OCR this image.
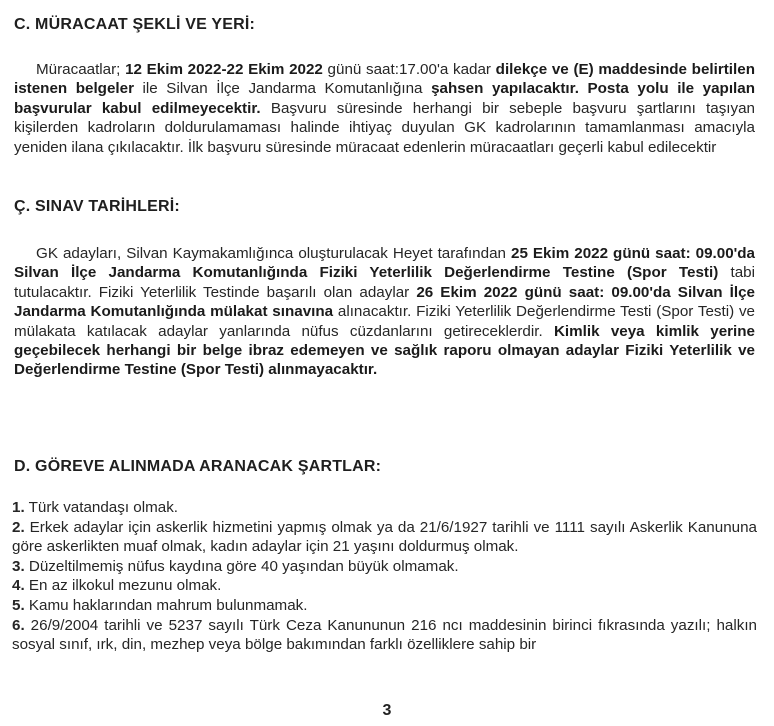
C. MÜRACAAT ŞEKLİ VE YERİ:

Müracaatlar; 12 Ekim 2022-22 Ekim 2022 günü saat:17.00'a kadar dilekçe ve (E) maddesinde belirtilen istenen belgeler ile Silvan İlçe Jandarma Komutanlığına şahsen yapılacaktır. Posta yolu ile yapılan başvurular kabul edilmeyecektir. Başvuru süresinde herhangi bir sebeple başvuru şartlarını taşıyan kişilerden kadroların doldurulamaması halinde ihtiyaç duyulan GK kadrolarının tamamlanması amacıyla yeniden ilana çıkılacaktır. İlk başvuru süresinde müracaat edenlerin müracaatları geçerli kabul edilecektir

Ç. SINAV TARİHLERİ:

GK adayları, Silvan Kaymakamlığınca oluşturulacak Heyet tarafından 25 Ekim 2022 günü saat: 09.00'da Silvan İlçe Jandarma Komutanlığında Fiziki Yeterlilik Değerlendirme Testine (Spor Testi) tabi tutulacaktır. Fiziki Yeterlilik Testinde başarılı olan adaylar 26 Ekim 2022 günü saat: 09.00'da Silvan İlçe Jandarma Komutanlığında mülakat sınavına alınacaktır. Fiziki Yeterlilik Değerlendirme Testi (Spor Testi) ve mülakata katılacak adaylar yanlarında nüfus cüzdanlarını getireceklerdir. Kimlik veya kimlik yerine geçebilecek herhangi bir belge ibraz edemeyen ve sağlık raporu olmayan adaylar Fiziki Yeterlilik ve Değerlendirme Testine (Spor Testi) alınmayacaktır.

D. GÖREVE ALINMADA ARANACAK ŞARTLAR:
1. Türk vatandaşı olmak.
2. Erkek adaylar için askerlik hizmetini yapmış olmak ya da 21/6/1927 tarihli ve 1111 sayılı Askerlik Kanununa göre askerlikten muaf olmak, kadın adaylar için 21 yaşını doldurmuş olmak.
3. Düzeltilmemiş nüfus kaydına göre 40 yaşından büyük olmamak.
4. En az ilkokul mezunu olmak.
5. Kamu haklarından mahrum bulunmamak.
6. 26/9/2004 tarihli ve 5237 sayılı Türk Ceza Kanununun 216 ncı maddesinin birinci fıkrasında yazılı; halkın sosyal sınıf, ırk, din, mezhep veya bölge bakımından farklı özelliklere sahip bir
3
